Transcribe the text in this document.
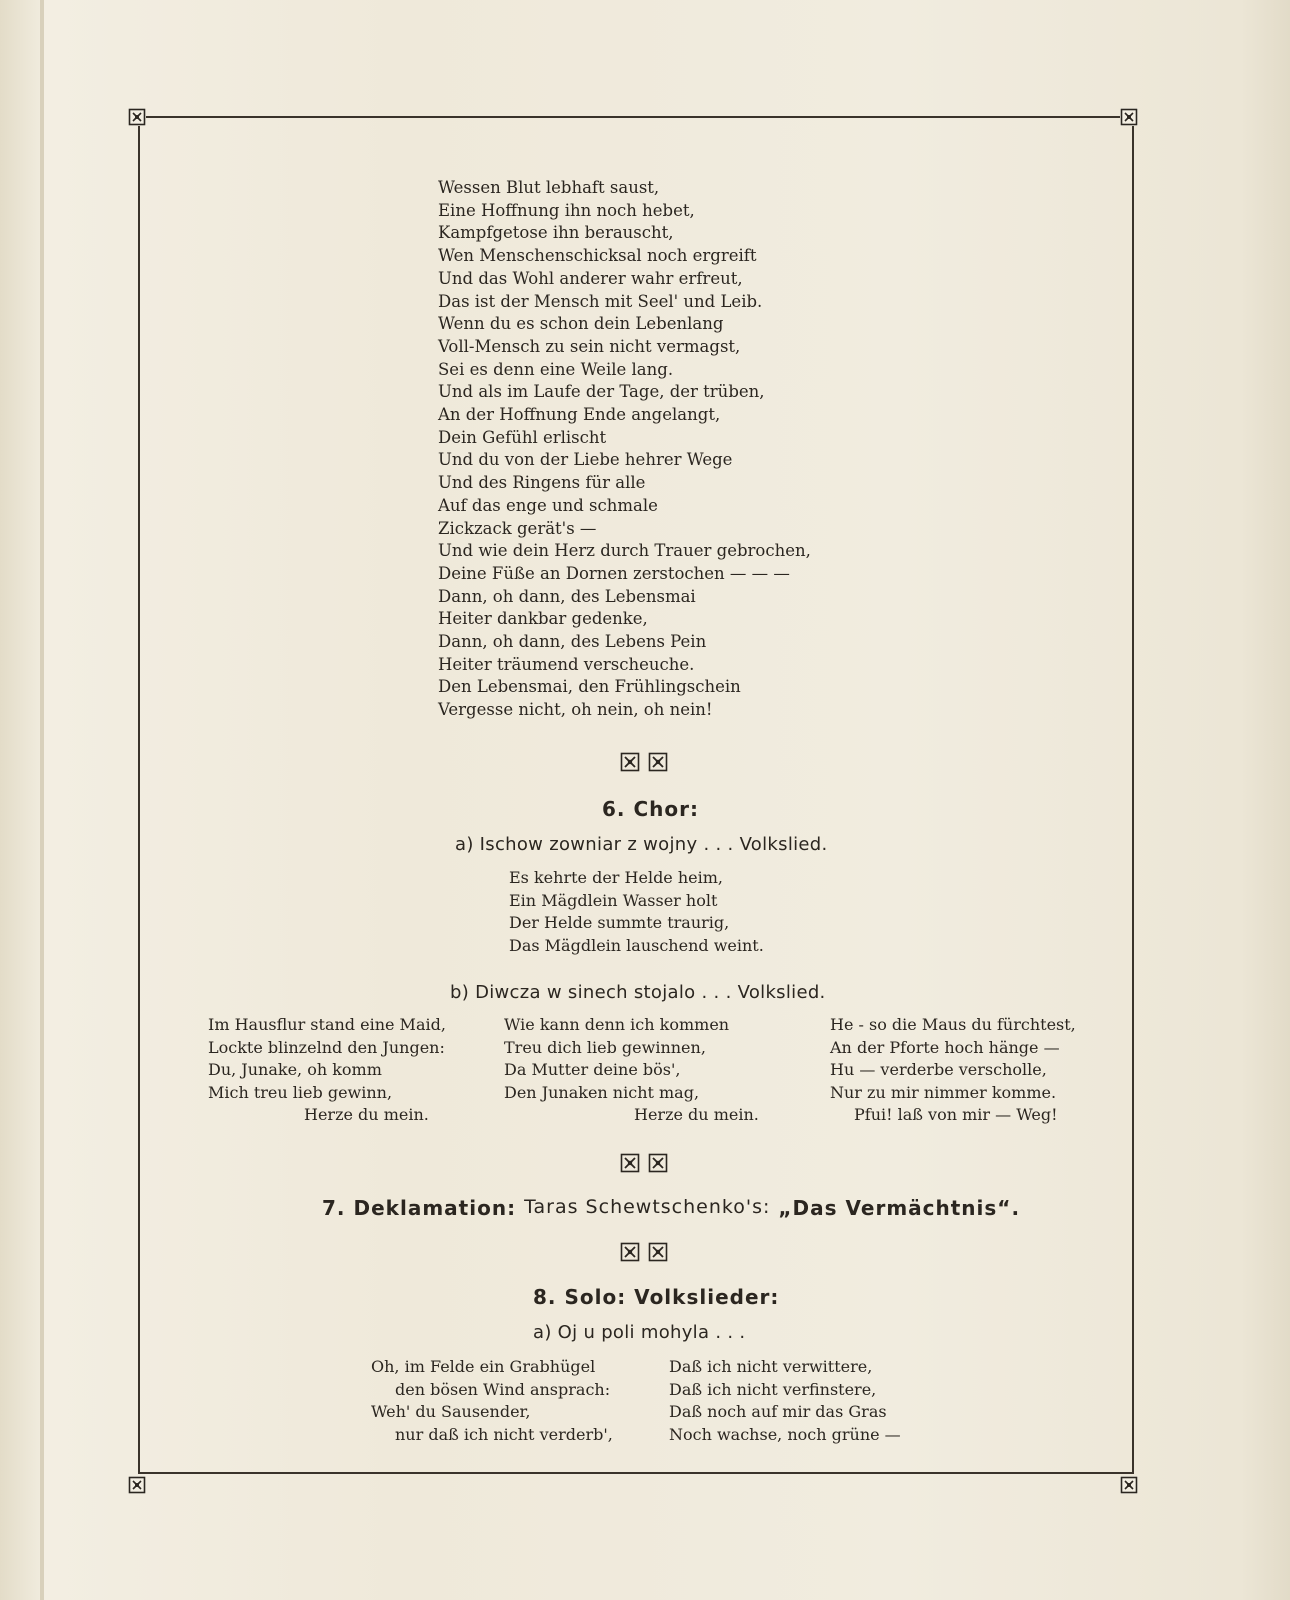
Wessen Blut lebhaft saust,
Eine Hoffnung ihn noch hebet,
Kampfgetose ihn berauscht,
Wen Menschenschicksal noch ergreift
Und das Wohl anderer wahr erfreut,
Das ist der Mensch mit Seel' und Leib.
Wenn du es schon dein Lebenlang
Voll-Mensch zu sein nicht vermagst,
Sei es denn eine Weile lang.
Und als im Laufe der Tage, der trüben,
An der Hoffnung Ende angelangt,
Dein Gefühl erlischt
Und du von der Liebe hehrer Wege
Und des Ringens für alle
Auf das enge und schmale
Zickzack gerät's —
Und wie dein Herz durch Trauer gebrochen,
Deine Füße an Dornen zerstochen — — —
Dann, oh dann, des Lebensmai
Heiter dankbar gedenke,
Dann, oh dann, des Lebens Pein
Heiter träumend verscheuche.
Den Lebensmai, den Frühlingschein
Vergesse nicht, oh nein, oh nein!
6. Chor:
a) Ischow zowniar z wojny . . . Volkslied.
Es kehrte der Helde heim,
Ein Mägdlein Wasser holt
Der Helde summte traurig,
Das Mägdlein lauschend weint.
b) Diwcza w sinech stojalo . . . Volkslied.
Im Hausflur stand eine Maid,
Lockte blinzelnd den Jungen:
Du, Junake, oh komm
Mich treu lieb gewinn,
Herze du mein.
Wie kann denn ich kommen
Treu dich lieb gewinnen,
Da Mutter deine bös',
Den Junaken nicht mag,
Herze du mein.
He - so die Maus du fürchtest,
An der Pforte hoch hänge —
Hu — verderbe verscholle,
Nur zu mir nimmer komme.
Pfui! laß von mir — Weg!
7. Deklamation: Taras Schewtschenko's: „Das Vermächtnis“.
8. Solo: Volkslieder:
a) Oj u poli mohyla . . .
Oh, im Felde ein Grabhügel
den bösen Wind ansprach:
Weh' du Sausender,
nur daß ich nicht verderb',
Daß ich nicht verwittere,
Daß ich nicht verfinstere,
Daß noch auf mir das Gras
Noch wachse, noch grüne —
